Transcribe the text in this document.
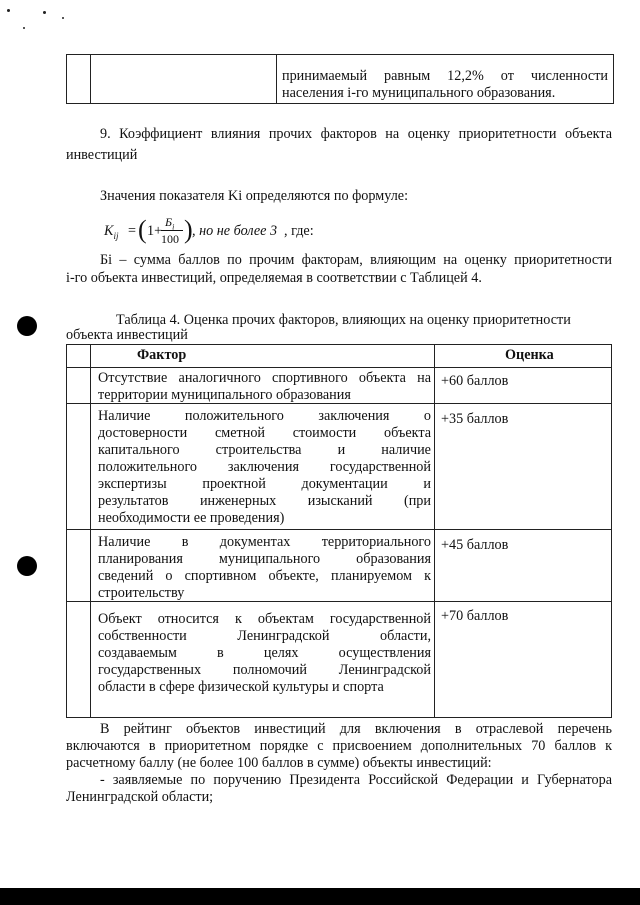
принимаемый равным 12,2% от численности
населения i-го муниципального образования.
9. Коэффициент влияния прочих факторов на оценку приоритетности объекта
инвестиций
Значения показателя Ki определяются по формуле:
$K_{ij}$ = ( 1+
$Б_i$
100 ) , но не более 3 , где:
Бi – сумма баллов по прочим факторам, влияющим на оценку приоритетности
i-го объекта инвестиций, определяемая в соответствии с Таблицей 4.
Таблица 4. Оценка прочих факторов, влияющих на оценку приоритетности
объекта инвестиций
Фактор	Оценка
Отсутствие аналогичного спортивного объекта на
территории муниципального образования
+60 баллов
Наличие положительного заключения о
достоверности сметной стоимости объекта
капитального строительства и наличие
положительного заключения государственной
экспертизы проектной документации и
результатов инженерных изысканий (при
необходимости ее проведения)
+35 баллов
Наличие в документах территориального
планирования муниципального образования
сведений о спортивном объекте, планируемом к
строительству
+45 баллов
Объект относится к объектам государственной
собственности Ленинградской области,
создаваемым в целях осуществления
государственных полномочий Ленинградской
области в сфере физической культуры и спорта
+70 баллов
В рейтинг объектов инвестиций для включения в отраслевой перечень
включаются в приоритетном порядке с присвоением дополнительных 70 баллов к
расчетному баллу (не более 100 баллов в сумме) объекты инвестиций:
- заявляемые по поручению Президента Российской Федерации и Губернатора
Ленинградской области;
